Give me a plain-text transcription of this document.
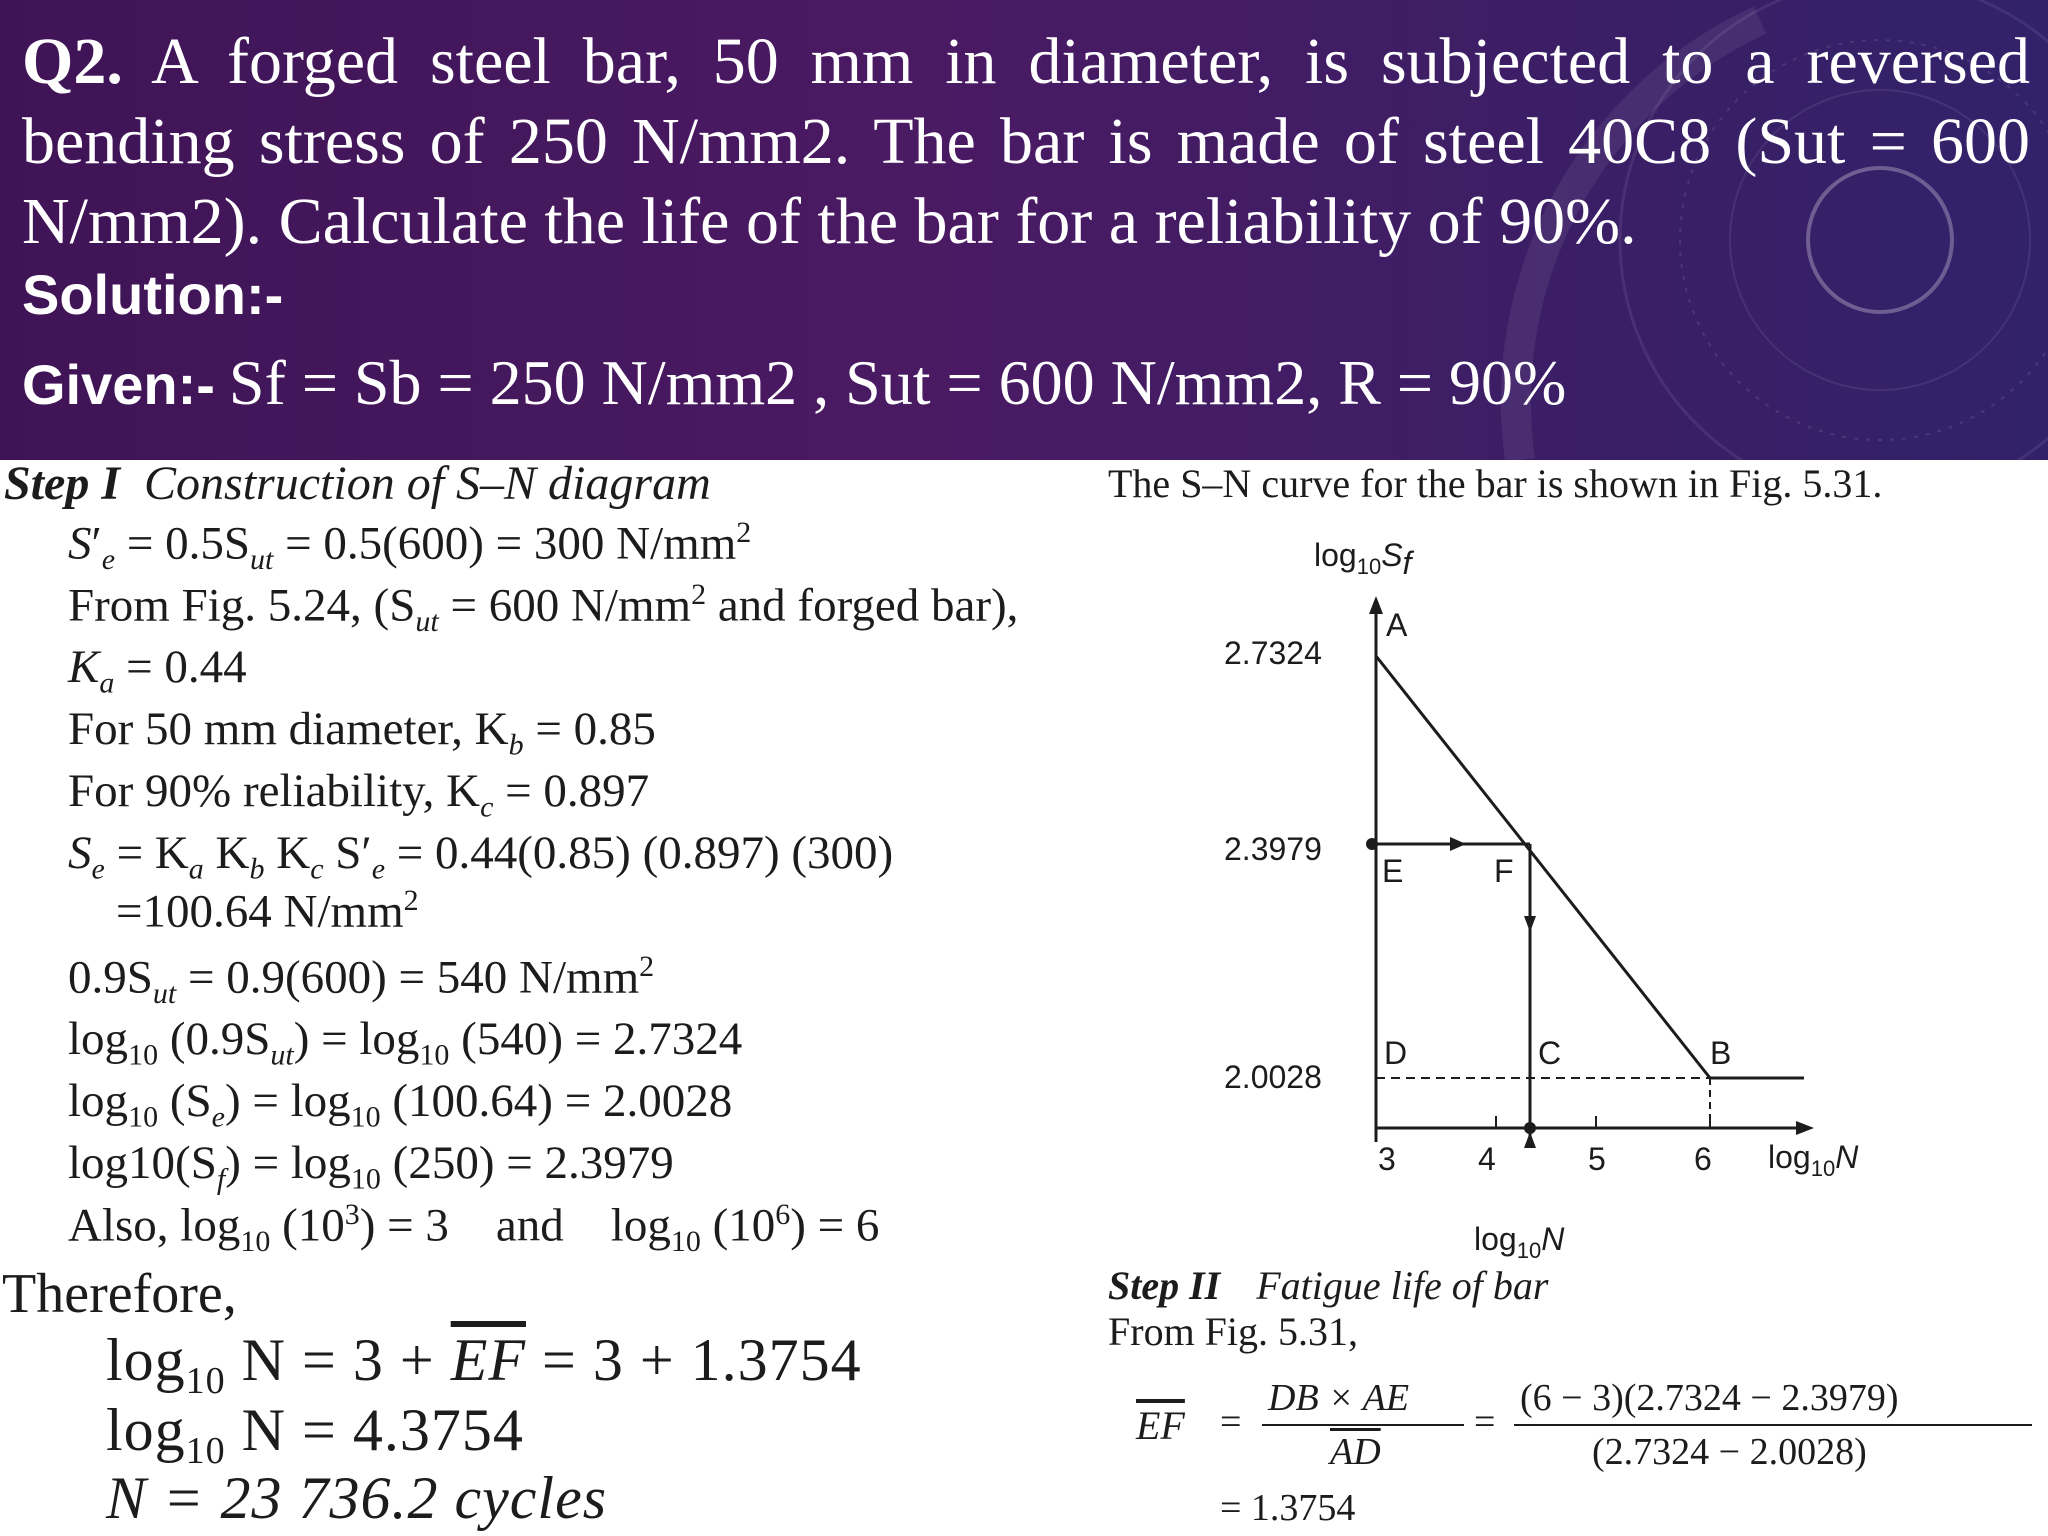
Q2. A forged steel bar, 50 mm in diameter, is subjected to a reversed
bending stress of 250 N/mm2. The bar is made of steel 40C8 (Sut = 600
N/mm2). Calculate the life of the bar for a reliability of 90%.
Solution:-
Given:- Sf = Sb = 250 N/mm2 , Sut = 600 N/mm2, R = 90%
Step I Construction of S–N diagram
$S'_e = 0.5S_{ut} = 0.5(600) = 300$ $N/mm^2$
From Fig. 5.24, ($S_{ut} = 600$ $N/mm^2$ and forged bar),
$K_a = 0.44$
For 50 mm diameter, $K_b = 0.85$
For 90% reliability, $K_c = 0.897$
$S_e = K_a$ $K_b$ $K_c$ $S'_e = 0.44(0.85)$ (0.897) (300)
=100.64 $N/mm^2$
$0.9S_{ut} = 0.9(600) = 540$ $N/mm^2$
$\log_{10} (0.9S_{ut}) = \log_{10} (540) = 2.7324$
$\log_{10} (S_e) = \log_{10} (100.64) = 2.0028$
$\log 10(S_f) = \log_{10} (250) = 2.3979$
Also, $\log_{10} (10^3) = 3$    and    $\log_{10} (10^6) = 6$
Therefore,
$\log_{10} N = 3 + \overline{EF} = 3 + 1.3754$
$\log_{10} N = 4.3754$
N = 23 736.2 cycles
The S–N curve for the bar is shown in Fig. 5.31.
$\log_{10}Sf$
$\log_{10}N$
$\log_{10}N$
2.7324
2.3979
2.0028
3	4	5	6
A
E	F
D	C	B
Step II Fatigue life of bar
From Fig. 5.31,
$\overline{EF}$ =
DB × AE
$\overline{AD}$
=
(6 − 3)(2.7324 − 2.3979)
(2.7324 − 2.0028)
= 1.3754
